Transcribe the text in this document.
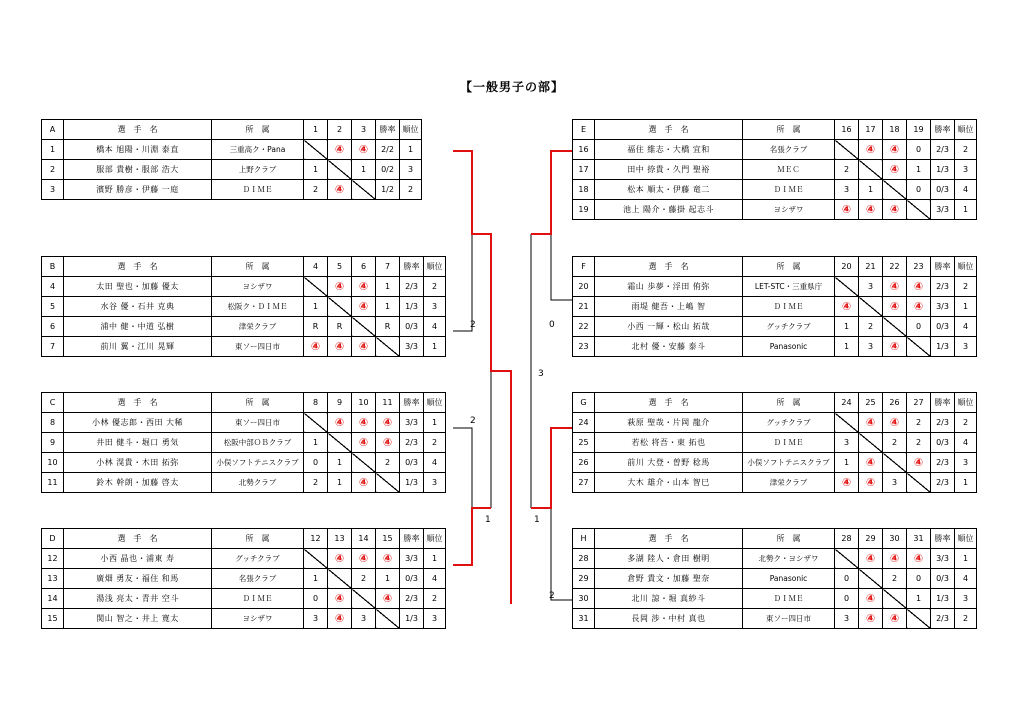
【一般男子の部】
2	0
2
1	1
2
3
A	選　手　名	所　属	1	2	3	勝率	順位
1	橋本 旭陽・川淵 泰直	三重高ク・Pana		④	④	2/2	1
2	服部 貴樹・服部 浩大	上野クラブ	1		1	0/2	3
3	濱野 勝彦・伊藤 一庭	ＤＩＭＥ	2	④		1/2	2
B	選　手　名	所　属	4	5	6	7	勝率	順位
4	太田 聖也・加藤 優太	ヨシザワ		④	④	1	2/3	2
5	水谷 優・石井 克典	松阪ク・ＤＩＭＥ	1		④	1	1/3	3
6	浦中 健・中道 弘樹	津栄クラブ	R	R		R	0/3	4
7	前川 翼・江川 晃輝	東ソー四日市	④	④	④		3/3	1
C	選　手　名	所　属	8	9	10	11	勝率	順位
8	小林 優志郎・西田 大稀	東ソー四日市		④	④	④	3/3	1
9	井田 健斗・堀口 勇気	松阪中部ＯＢクラブ	1		④	④	2/3	2
10	小林 滉貴・木田 拓弥	小俣ソフトテニスクラブ	0	1		2	0/3	4
11	鈴木 幹朗・加藤 啓太	北勢クラブ	2	1	④		1/3	3
D	選　手　名	所　属	12	13	14	15	勝率	順位
12	小西 晶也・浦東 寿	グッチクラブ		④	④	④	3/3	1
13	廣畑 勇友・福住 和馬	名張クラブ	1		2	1	0/3	4
14	湯浅 亮太・青井 空斗	ＤＩＭＥ	0	④		④	2/3	2
15	関山 智之・井上 寛太	ヨシザワ	3	④	3		1/3	3
E	選　手　名	所　属	16	17	18	19	勝率	順位
16	福住 維志・大橋 宜和	名張クラブ		④	④	0	2/3	2
17	田中 捺貴・久門 聖裕	ＭＥＣ	2		④	1	1/3	3
18	松本 順太・伊藤 竜二	ＤＩＭＥ	3	1		0	0/3	4
19	池上 陽介・藤掛 起志斗	ヨシザワ	④	④	④		3/3	1
F	選　手　名	所　属	20	21	22	23	勝率	順位
20	霜山 歩夢・浮田 侑弥	LET-STC・三重県庁		3	④	④	2/3	2
21	雨堤 健吾・上嶋 智	ＤＩＭＥ	④		④	④	3/3	1
22	小西 一輝・松山 拓哉	グッチクラブ	1	2		0	0/3	4
23	北村 優・安藤 泰斗	Panasonic	1	3	④		1/3	3
G	選　手　名	所　属	24	25	26	27	勝率	順位
24	萩原 聖哉・片岡 龍介	グッチクラブ		④	④	2	2/3	2
25	若松 将吾・東 拓也	ＤＩＭＥ	3		2	2	0/3	4
26	前川 大登・曽野 稔馬	小俣ソフトテニスクラブ	1	④		④	2/3	3
27	大木 雄介・山本 智巳	津栄クラブ	④	④	3		2/3	1
H	選　手　名	所　属	28	29	30	31	勝率	順位
28	多湖 陸人・倉田 樹明	北勢ク・ヨシザワ		④	④	④	3/3	1
29	倉野 貴文・加藤 聖奈	Panasonic	0		2	0	0/3	4
30	北川 諒・堀 真紗斗	ＤＩＭＥ	0	④		1	1/3	3
31	長岡 渉・中村 真也	東ソー四日市	3	④	④		2/3	2
